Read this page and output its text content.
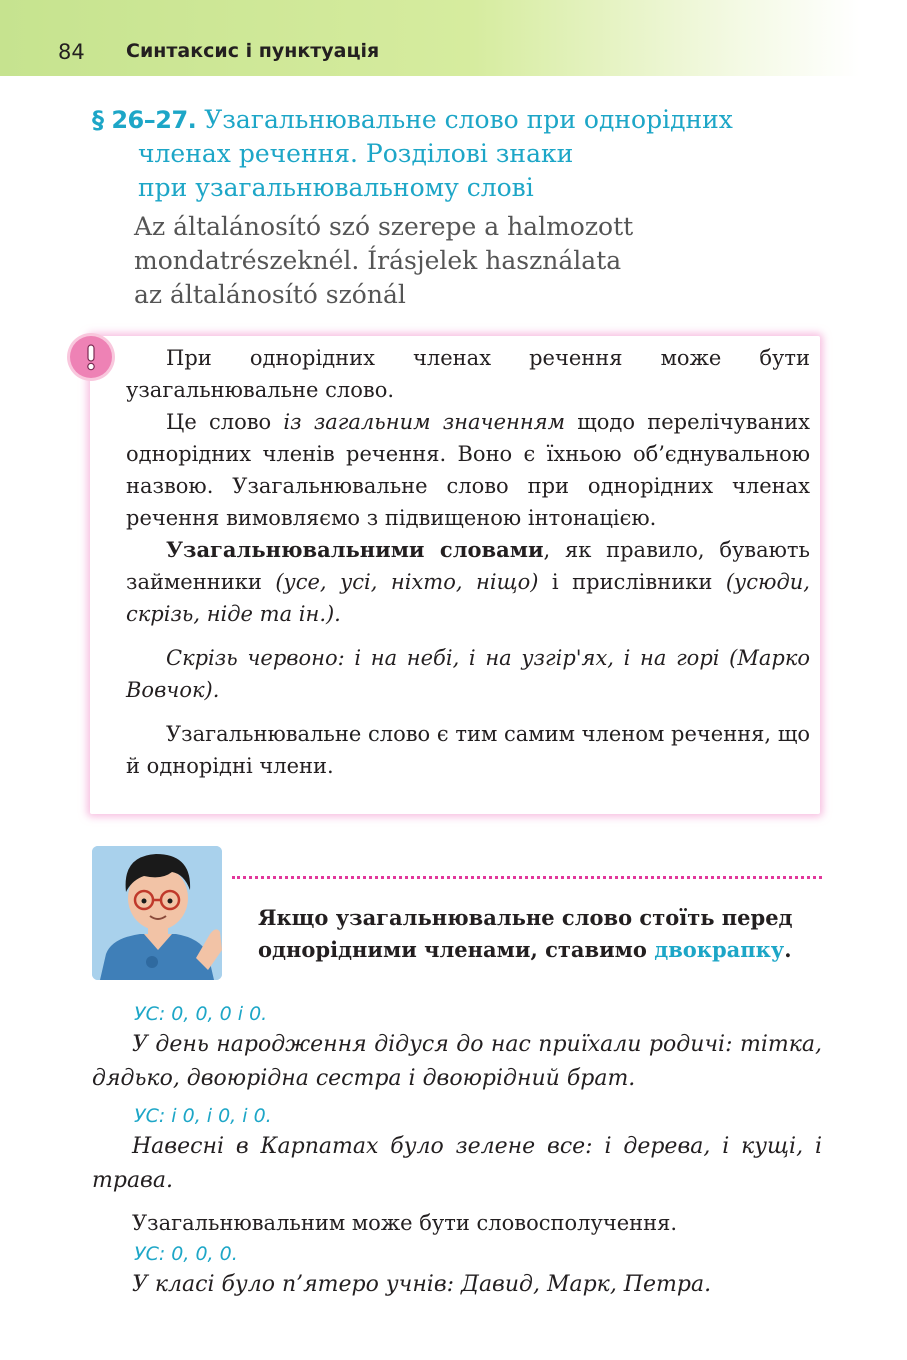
84 Синтаксис і пунктуація
§ 26–27. Узагальнювальне слово при однорідних
членах речення. Розділові знаки
при узагальнювальному слові
Az általánosító szó szerepe a halmozott
mondatrészeknél. Írásjelek használata
az általánosító szónál

При однорідних членах речення може бути узагальнювальне слово.

Це слово із загальним значенням щодо перелічуваних однорідних членів речення. Воно є їхньою об’єднувальною назвою. Узагальнювальне слово при однорідних членах речення вимовляємо з підвищеною інтонацією.

Узагальнювальними словами, як правило, бувають займенники (усе, усі, ніхто, ніщо) і прислівники (усюди, скрізь, ніде та ін.).

Скрізь червоно: і на небі, і на узгір'ях, і на горі (Марко Вовчок).

Узагальнювальне слово є тим самим членом речення, що й однорідні члени.

Якщо узагальнювальне слово стоїть перед однорідними членами, ставимо двокрапку.
УС: 0, 0, 0 і 0.

У день народження дідуся до нас приїхали родичі: тітка, дядько, двоюрідна сестра і двоюрідний брат.

УС: і 0, і 0, і 0.

Навесні в Карпатах було зелене все: і дерева, і кущі, і трава.

Узагальнювальним може бути словосполучення.
УС: 0, 0, 0.

У класі було п’ятеро учнів: Давид, Марк, Петра.
